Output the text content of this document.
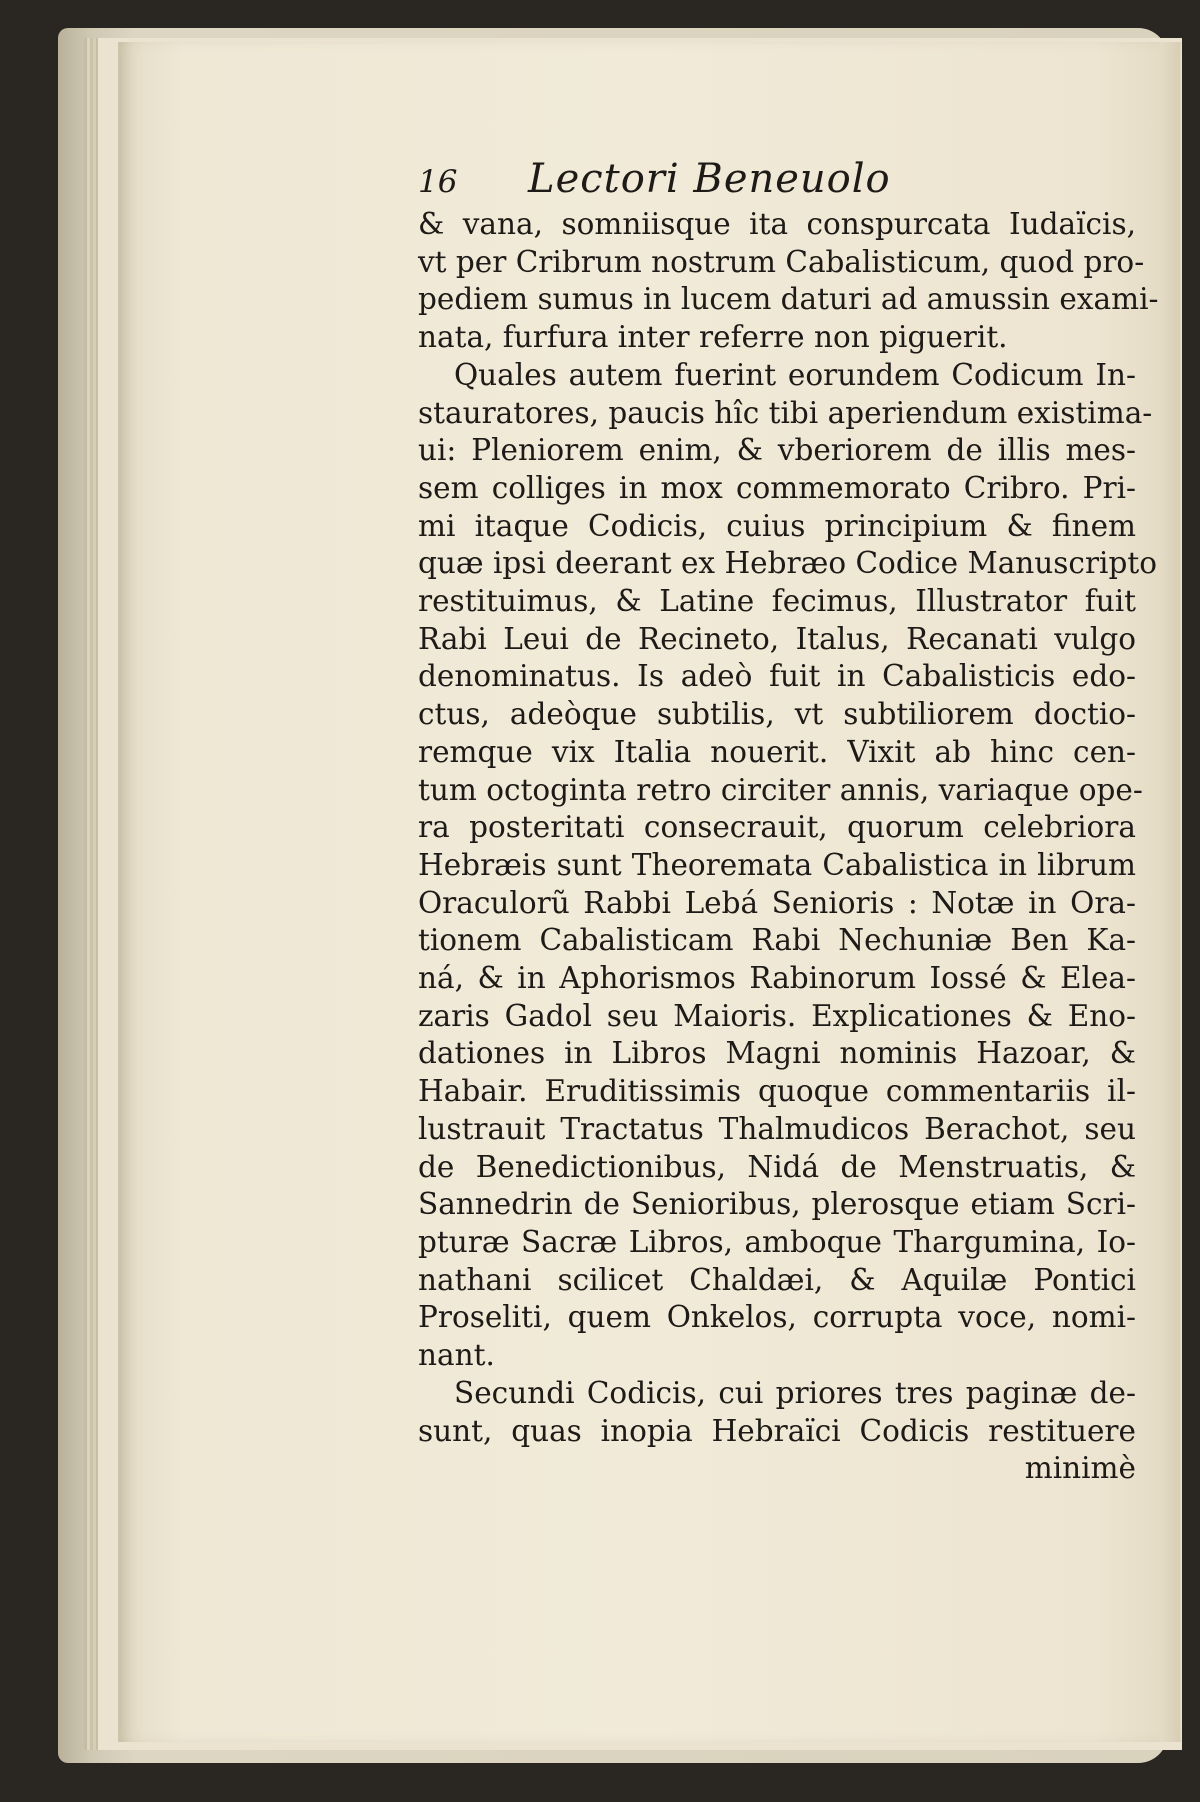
16 Lectori Beneuolo
& vana, somniisque ita conspurcata Iudaïcis,
vt per Cribrum nostrum Cabalisticum, quod pro-
pediem sumus in lucem daturi ad amussin exami-
nata, furfura inter referre non piguerit.
Quales autem fuerint eorundem Codicum In-
stauratores, paucis hîc tibi aperiendum existima-
ui: Pleniorem enim, & vberiorem de illis mes-
sem colliges in mox commemorato Cribro. Pri-
mi itaque Codicis, cuius principium & finem
quæ ipsi deerant ex Hebræo Codice Manuscripto
restituimus, & Latine fecimus, Illustrator fuit
Rabi Leui de Recineto, Italus, Recanati vulgo
denominatus. Is adeò fuit in Cabalisticis edo-
ctus, adeòque subtilis, vt subtiliorem doctio-
remque vix Italia nouerit. Vixit ab hinc cen-
tum octoginta retro circiter annis, variaque ope-
ra posteritati consecrauit, quorum celebriora
Hebræis sunt Theoremata Cabalistica in librum
Oraculorũ Rabbi Lebá Senioris : Notæ in Ora-
tionem Cabalisticam Rabi Nechuniæ Ben Ka-
ná, & in Aphorismos Rabinorum Iossé & Elea-
zaris Gadol seu Maioris. Explicationes & Eno-
dationes in Libros Magni nominis Hazoar, &
Habair. Eruditissimis quoque commentariis il-
lustrauit Tractatus Thalmudicos Berachot, seu
de Benedictionibus, Nidá de Menstruatis, &
Sannedrin de Senioribus, plerosque etiam Scri-
pturæ Sacræ Libros, amboque Thargumina, Io-
nathani scilicet Chaldæi, & Aquilæ Pontici
Proseliti, quem Onkelos, corrupta voce, nomi-
nant.
Secundi Codicis, cui priores tres paginæ de-
sunt, quas inopia Hebraïci Codicis restituere
minimè
